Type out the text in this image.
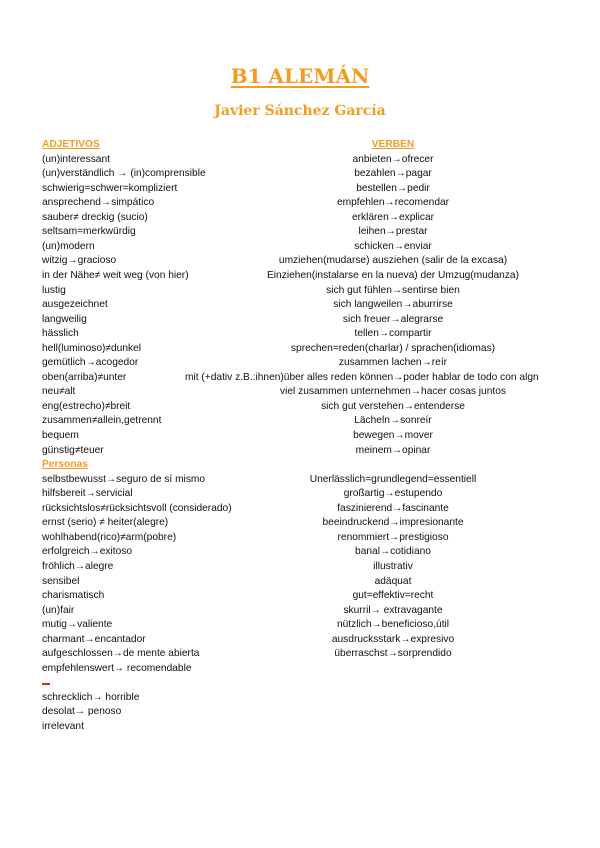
B1 ALEMÁN
Javier Sánchez García
ADJETIVOS	VERBEN
(un)interessant	anbieten→ofrecer
(un)verständlich → (in)comprensible	bezahlen→pagar
schwierig=schwer=kompliziert	bestellen→pedir
ansprechend→simpático	empfehlen→recomendar
sauber≠ dreckig (sucio)	erklären→explicar
seltsam=merkwürdig	leihen→prestar
(un)modern	schicken→enviar
witzig→gracioso	umziehen(mudarse) ausziehen (salir de la excasa)
in der Nähe≠ weit weg (von hier)	Einziehen(instalarse en la nueva) der Umzug(mudanza)
lustig	sich gut fühlen→sentirse bien
ausgezeichnet	sich langweilen→aburrirse
langweilig	sich freuer→alegrarse
hässlich	tellen→compartir
hell(luminoso)≠dunkel	sprechen=reden(charlar) / sprachen(idiomas)
gemütlich→acogedor	zusammen lachen→reír
oben(arriba)≠unter	mit (+dativ z.B.:ihnen)über alles reden können→poder hablar de todo con algn
neu≠alt	viel zusammen unternehmen→hacer cosas juntos
eng(estrecho)≠breit	sich gut verstehen→entenderse
zusammen≠allein,getrennt	Lächeln→sonreír
bequem	bewegen→mover
günstig≠teuer	meinem→opinar
Personas
selbstbewusst→seguro de sí mismo	Unerlässlich=grundlegend=essentiell
hilfsbereit→servicial	großartig→estupendo
rücksichtslos≠rücksichtsvoll (considerado)	faszinierend→fascinante
ernst (serio) ≠ heiter(alegre)	beeindruckend→impresionante
wohlhabend(rico)≠arm(pobre)	renommiert→prestigioso
erfolgreich→exitoso	banal→cotidiano
fröhlich→alegre	illustrativ
sensibel	adäquat
charismatisch	gut=effektiv=recht
(un)fair	skurril→ extravagante
mutig→valiente	nützlich→beneficioso,útil
charmant→encantador	ausdrucksstark→expresivo
aufgeschlossen→de mente abierta	überraschst→sorprendido
empfehlenswert→ recomendable
schrecklich→ horrible
desolat→ penoso
irrelevant
